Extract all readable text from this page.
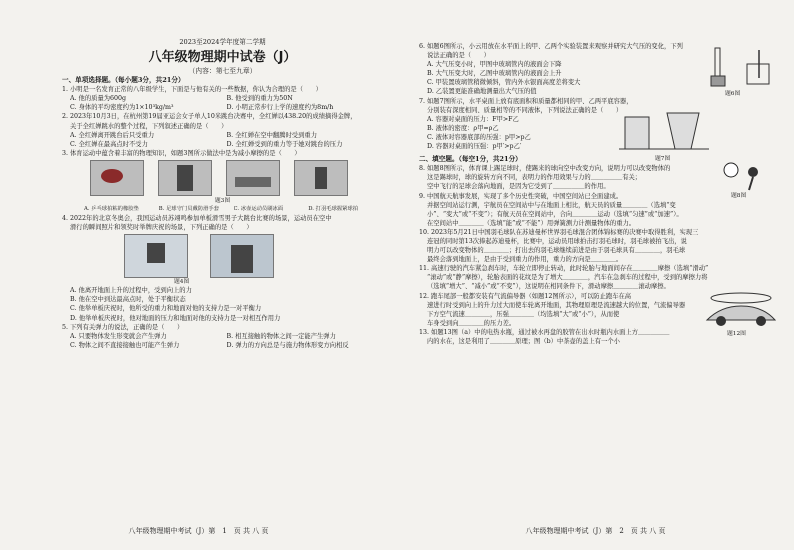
2023至2024学年度第二学期
八年级物理期中试卷（J）
（内容：第七至九章）
一、单项选择题。（每小题3分，共21分）
1. 小明是一名发育正常的八年级学生，下面是与他有关的一些数据，你认为合理的是（　　）
A. 他的质量为600g	B. 他受到的重力为50N
C. 身体的平均密度约为1×10³kg/m³	D. 小明正常步行上学的速度约为8m/h
2. 2023年10月3日，在杭州第19届亚运会女子单人10米跳台决赛中，全红婵以438.20的成绩摘得金牌，
关于全红婵跳水的整个过程，下列叙述正确的是（　　）
A. 全红婵离开跳台后只受重力	B. 全红婵在空中翻腾时受到重力
C. 全红婵在最高点时不受力	D. 全红婵受到的重力等于她对跳台的压力
3. 体育运动中蕴含着丰富的物理知识，如题3图所示做法中是为减小摩擦的是（　　）
题3图
A. 乒乓球拍粘的橡胶垫	B. 足球守门员戴防滑手套	C. 冰壶运动员刷冰面	D. 打羽毛球握紧球拍
4. 2022年的北京冬奥会，我国运动员苏翊鸣参加单板滑雪男子大跳台比赛的场景，运动员在空中
滑行的瞬间照片和领奖时举牌庆祝的场景，下列正确的是（　　）
题4图
A. 他离开地面上升的过程中，受到向上的力
B. 他在空中到达最高点时，处于平衡状态
C. 他举单板庆祝时，他所受的重力和地面对他的支持力是一对平衡力
D. 他举单板庆祝时，他对地面的压力和地面对他的支持力是一对相互作用力
5. 下列有关弹力的说法，正确的是（　　）
A. 只要物体发生形变就会产生弹力	B. 相互接触的物体之间一定能产生弹力
C. 物体之间不直接接触也可能产生弹力	D. 弹力的方向总是与施力物体形变方向相反
八年级物理期中考试（J）第　1　页 共 八 页
6. 如题6图所示，小云用放在水平面上的甲、乙两个实验装置来观察并研究大气压的变化，下列
说法正确的是（　　）
A. 大气压变小时，甲图中玻璃管内的液面会下降
B. 大气压变大时，乙图中玻璃管内的液面会上升
C. 甲装置玻璃管稍微倾斜，管内外水银面高度差将变大
D. 乙装置更能准确地测量出大气压的值	题6图
7. 如题7图所示，水平桌面上放有底面积和质量都相同的甲、乙两平底容器，
分别装有深度相同、质量相等的不同液体，下列说法正确的是（　　）
A. 容器对桌面的压力：F甲>F乙
B. 液体的密度：ρ甲=ρ乙
C. 液体对容器底部的压强：p甲>p乙
D. 容器对桌面的压强：p甲′>p乙′
题7图
二、填空题。（每空1分，共21分）
8. 如题8图所示，体育课上踢足球时，使踢来的球向空中改变方向，说明力可以改变物体的
这是踢球时，球的旋转方向不同，表明力的作用效果与力的＿＿＿＿＿有关；
空中飞行的足球会落向地面，是因为它受到了＿＿＿＿＿的作用。
题8图
9. 中国航天航事发展，实现了多个历史性突破，中国空间站已全面建成。
并据空间站运行测，宇航员在空间站中与在地面上相比，航天员的质量＿＿＿＿（选填“变
小”、“变大”或“不变”）；有航天员在空间站中，合向＿＿＿＿运动（选填“匀速”或“加速”）。
在空间站中＿＿＿＿（选填“能”或“不能”）用弹簧测力计测量物体的重力。
10. 2023年5月21日中国羽毛球队在苏迪曼杯世界羽毛球混合团体锦标赛的决赛中取得胜利，实现三
连冠的同时第13次捧起苏迪曼杯，比赛中，运动员用球拍击打羽毛球时，羽毛球被拍飞出，说
明力可以改变物体的＿＿＿＿；打出去的羽毛球继续前进是由于羽毛球具有＿＿＿＿，羽毛球
最终会落到地面上，是由于受到重力的作用，重力的方向是＿＿＿＿。
11. 高速行驶的汽车紧急刹车时，车轮立即停止转动，此时轮胎与地面间存在＿＿＿＿摩擦（选填“滑动”
“滚动”或“静”摩擦），轮胎表面的花纹是为了增大＿＿＿＿，汽车在急刹车的过程中，受到的摩擦力将
（选填“增大”、“减小”或“不变”），这说明在相同条件下，滑动摩擦＿＿＿＿滚动摩擦。
12. 跑车尾部一般都安装有气流偏导器（如题12图所示），可以防止跑车在高
速进行时受到向上的升力过大而使车轮离开地面，其物理原理是流速越大的位置，气流偏导器
下方空气流速＿＿＿＿，压强＿＿＿＿（均选填“大”或“小”），从而使
车身受到向＿＿＿＿的压力差。
题12图
13. 如题13图（a）中的电热水瓶，通过被水再盘的胶管在出水时瓶内水面上方＿＿＿＿＿
内的水在，这是利用了＿＿＿＿原理；图（b）中茶壶的盖上有一个小
八年级物理期中考试（J）第　2　页 共 八 页
